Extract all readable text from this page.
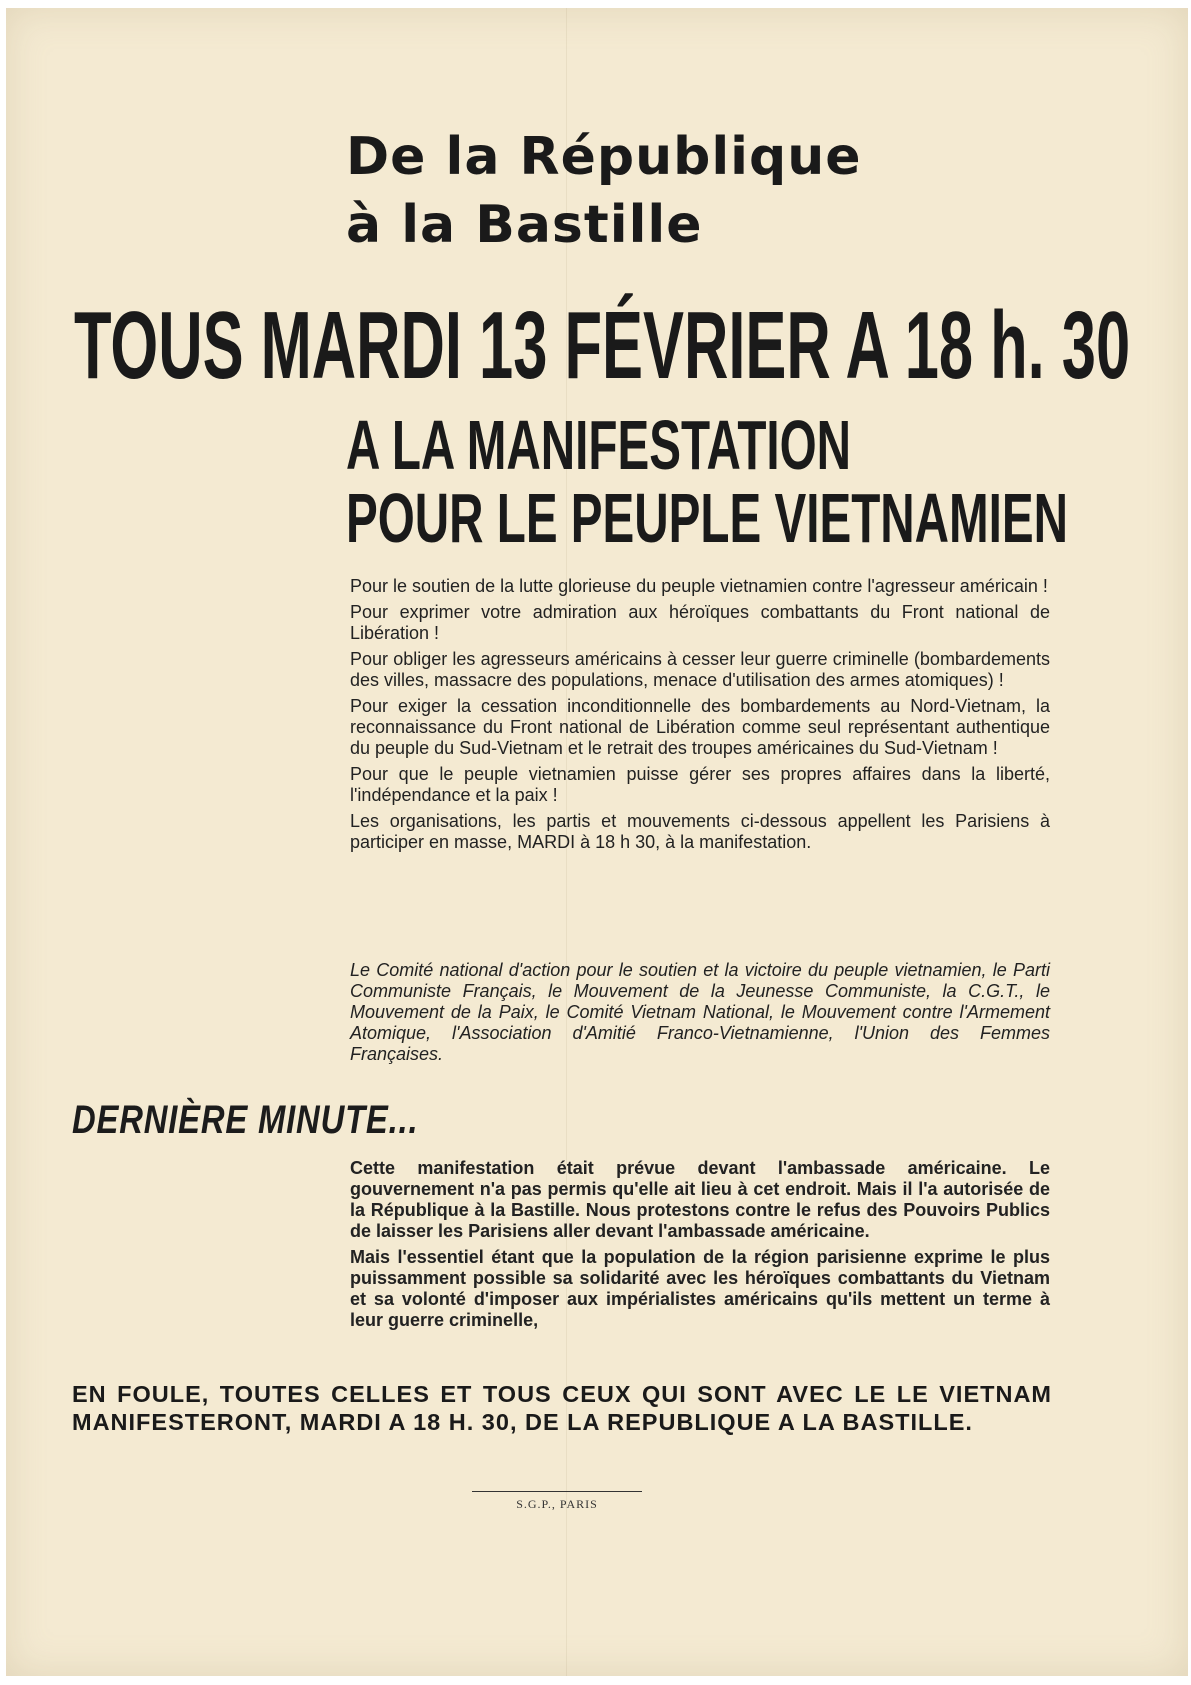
De la République
à la Bastille

TOUS MARDI 13 FÉVRIER A 18 h. 30

A LA MANIFESTATION

POUR LE PEUPLE VIETNAMIEN

Pour le soutien de la lutte glorieuse du peuple vietnamien contre l'agresseur américain !

Pour exprimer votre admiration aux héroïques combattants du Front national de Libération !

Pour obliger les agresseurs américains à cesser leur guerre criminelle (bombardements des villes, massacre des populations, menace d'utilisation des armes atomiques) !

Pour exiger la cessation inconditionnelle des bombardements au Nord-Vietnam, la reconnaissance du Front national de Libération comme seul représentant authentique du peuple du Sud-Vietnam et le retrait des troupes américaines du Sud-Vietnam !

Pour que le peuple vietnamien puisse gérer ses propres affaires dans la liberté, l'indépendance et la paix !

Les organisations, les partis et mouvements ci-dessous appellent les Parisiens à participer en masse, MARDI à 18 h 30, à la manifestation.

Le Comité national d'action pour le soutien et la victoire du peuple vietnamien, le Parti Communiste Français, le Mouvement de la Jeunesse Communiste, la C.G.T., le Mouvement de la Paix, le Comité Vietnam National, le Mouvement contre l'Armement Atomique, l'Association d'Amitié Franco-Vietnamienne, l'Union des Femmes Françaises.

DERNIÈRE MINUTE...

Cette manifestation était prévue devant l'ambassade américaine. Le gouvernement n'a pas permis qu'elle ait lieu à cet endroit. Mais il l'a autorisée de la République à la Bastille. Nous protestons contre le refus des Pouvoirs Publics de laisser les Parisiens aller devant l'ambassade américaine.

Mais l'essentiel étant que la population de la région parisienne exprime le plus puissamment possible sa solidarité avec les héroïques combattants du Vietnam et sa volonté d'imposer aux impérialistes américains qu'ils mettent un terme à leur guerre criminelle,

EN FOULE, TOUTES CELLES ET TOUS CEUX QUI SONT AVEC LE LE VIETNAM MANIFESTERONT, MARDI A 18 H. 30, DE LA REPUBLIQUE A LA BASTILLE.

S.G.P., PARIS
